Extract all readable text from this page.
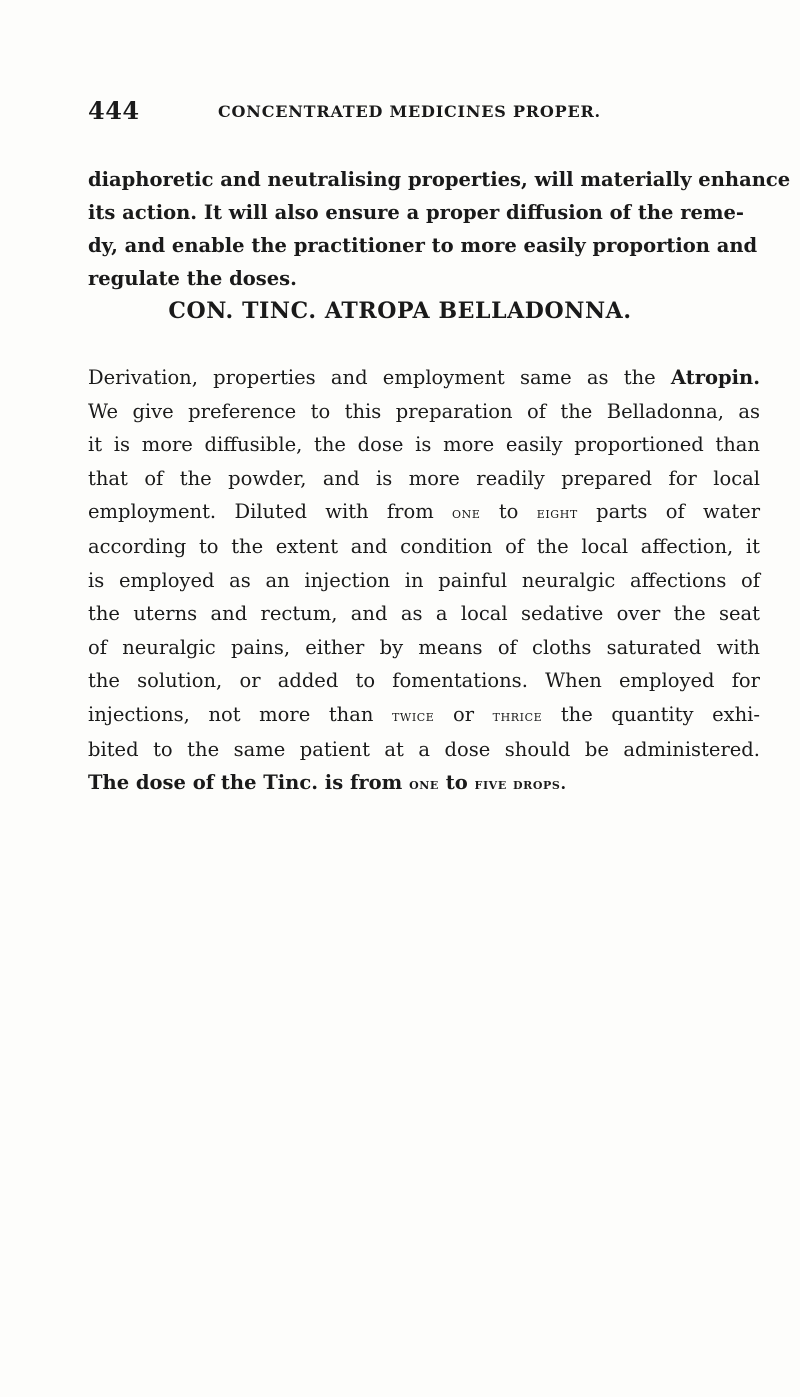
444	CONCENTRATED MEDICINES PROPER.
diaphoretic and neutralising properties, will materially enhance
its action. It will also ensure a proper diffusion of the reme-
dy, and enable the practitioner to more easily proportion and
regulate the doses.
CON. TINC. ATROPA BELLADONNA.
Derivation, properties and employment same as the Atropin.
We give preference to this preparation of the Belladonna, as
it is more diffusible, the dose is more easily proportioned than
that of the powder, and is more readily prepared for local
employment. Diluted with from one to eight parts of water
according to the extent and condition of the local affection, it
is employed as an injection in painful neuralgic affections of
the uterns and rectum, and as a local sedative over the seat
of neuralgic pains, either by means of cloths saturated with
the solution, or added to fomentations. When employed for
injections, not more than twice or thrice the quantity exhi-
bited to the same patient at a dose should be administered.
The dose of the Tinc. is from one to five drops.
